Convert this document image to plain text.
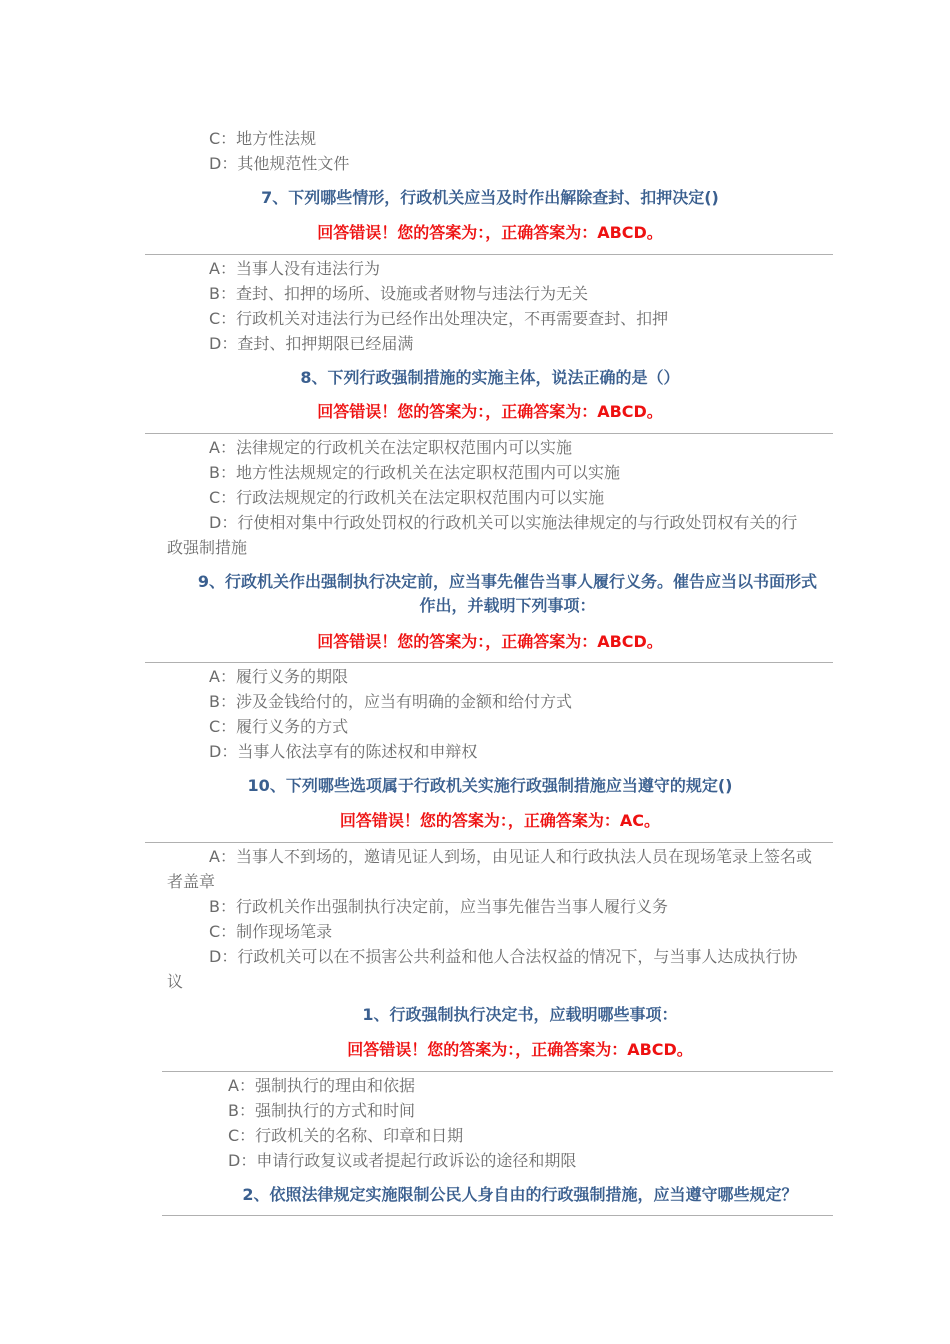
C：地方性法规
D：其他规范性文件
7、下列哪些情形，行政机关应当及时作出解除查封、扣押决定()
回答错误！您的答案为：，正确答案为：ABCD。
A：当事人没有违法行为
B：查封、扣押的场所、设施或者财物与违法行为无关
C：行政机关对违法行为已经作出处理决定，不再需要查封、扣押
D：查封、扣押期限已经届满
8、下列行政强制措施的实施主体，说法正确的是（）
回答错误！您的答案为：，正确答案为：ABCD。
A：法律规定的行政机关在法定职权范围内可以实施
B：地方性法规规定的行政机关在法定职权范围内可以实施
C：行政法规规定的行政机关在法定职权范围内可以实施
D：行使相对集中行政处罚权的行政机关可以实施法律规定的与行政处罚权有关的行政强制措施
9、行政机关作出强制执行决定前，应当事先催告当事人履行义务。催告应当以书面形式作出，并载明下列事项：
回答错误！您的答案为：，正确答案为：ABCD。
A：履行义务的期限
B：涉及金钱给付的，应当有明确的金额和给付方式
C：履行义务的方式
D：当事人依法享有的陈述权和申辩权
10、下列哪些选项属于行政机关实施行政强制措施应当遵守的规定()
回答错误！您的答案为：，正确答案为：AC。
A：当事人不到场的，邀请见证人到场，由见证人和行政执法人员在现场笔录上签名或者盖章
B：行政机关作出强制执行决定前，应当事先催告当事人履行义务
C：制作现场笔录
D：行政机关可以在不损害公共利益和他人合法权益的情况下，与当事人达成执行协议
1、行政强制执行决定书，应载明哪些事项：
回答错误！您的答案为：，正确答案为：ABCD。
A：强制执行的理由和依据
B：强制执行的方式和时间
C：行政机关的名称、印章和日期
D：申请行政复议或者提起行政诉讼的途径和期限
2、依照法律规定实施限制公民人身自由的行政强制措施，应当遵守哪些规定？
